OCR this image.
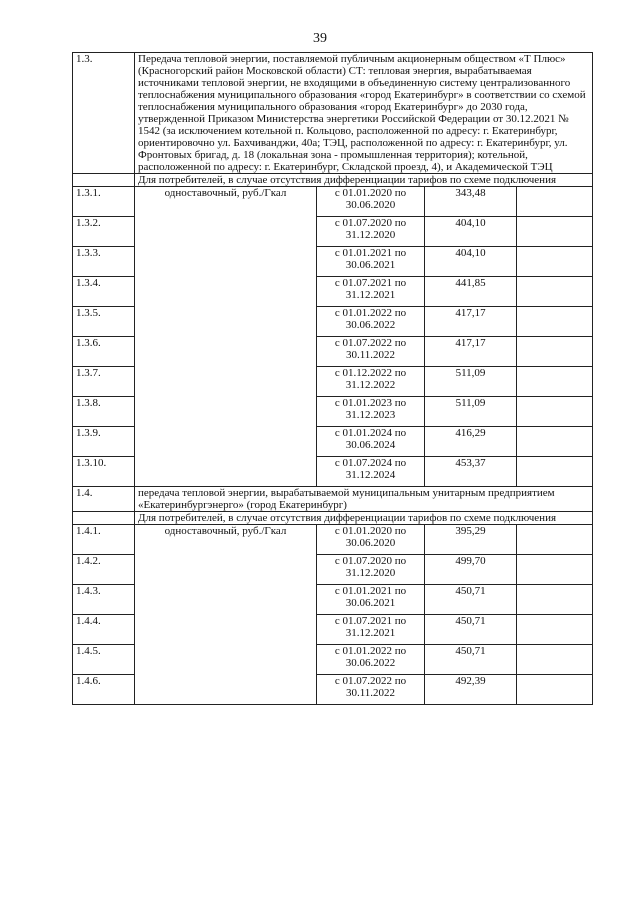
39
1.3.	Передача тепловой энергии, поставляемой публичным акционерным обществом «Т Плюс» (Красногорский район Московской области) СТ: тепловая энергия, вырабатываемая источниками тепловой энергии, не входящими в объединенную систему централизованного теплоснабжения муниципального образования «город Екатеринбург» в соответствии со схемой теплоснабжения муниципального образования «город Екатеринбург» до 2030 года, утвержденной Приказом Министерства энергетики Российской Федерации от 30.12.2021 № 1542 (за исключением котельной п. Кольцово, расположенной по адресу: г. Екатеринбург, ориентировочно ул. Бахчиванджи, 40а; ТЭЦ, расположенной по адресу: г. Екатеринбург, ул. Фронтовых бригад, д. 18 (локальная зона - промышленная территория); котельной, расположенной по адресу: г. Екатеринбург, Складской проезд, 4), и Академической ТЭЦ			
	Для потребителей, в случае отсутствия дифференциации тарифов по схеме подключения			
1.3.1.	одноставочный, руб./Гкал	с 01.01.2020 по
30.06.2020	343,48	
1.3.2.		с 01.07.2020 по
31.12.2020	404,10	
1.3.3.		с 01.01.2021 по
30.06.2021	404,10	
1.3.4.		с 01.07.2021 по
31.12.2021	441,85	
1.3.5.		с 01.01.2022 по
30.06.2022	417,17	
1.3.6.		с 01.07.2022 по
30.11.2022	417,17	
1.3.7.		с 01.12.2022 по
31.12.2022	511,09	
1.3.8.		с 01.01.2023 по
31.12.2023	511,09	
1.3.9.		с 01.01.2024 по
30.06.2024	416,29	
1.3.10.		с 01.07.2024 по
31.12.2024	453,37	
1.4.	передача тепловой энергии, вырабатываемой муниципальным унитарным предприятием «Екатеринбургэнерго» (город Екатеринбург)			
	Для потребителей, в случае отсутствия дифференциации тарифов по схеме подключения			
1.4.1.	одноставочный, руб./Гкал	с 01.01.2020 по
30.06.2020	395,29	
1.4.2.		с 01.07.2020 по
31.12.2020	499,70	
1.4.3.		с 01.01.2021 по
30.06.2021	450,71	
1.4.4.		с 01.07.2021 по
31.12.2021	450,71	
1.4.5.		с 01.01.2022 по
30.06.2022	450,71	
1.4.6.		с 01.07.2022 по
30.11.2022	492,39	
